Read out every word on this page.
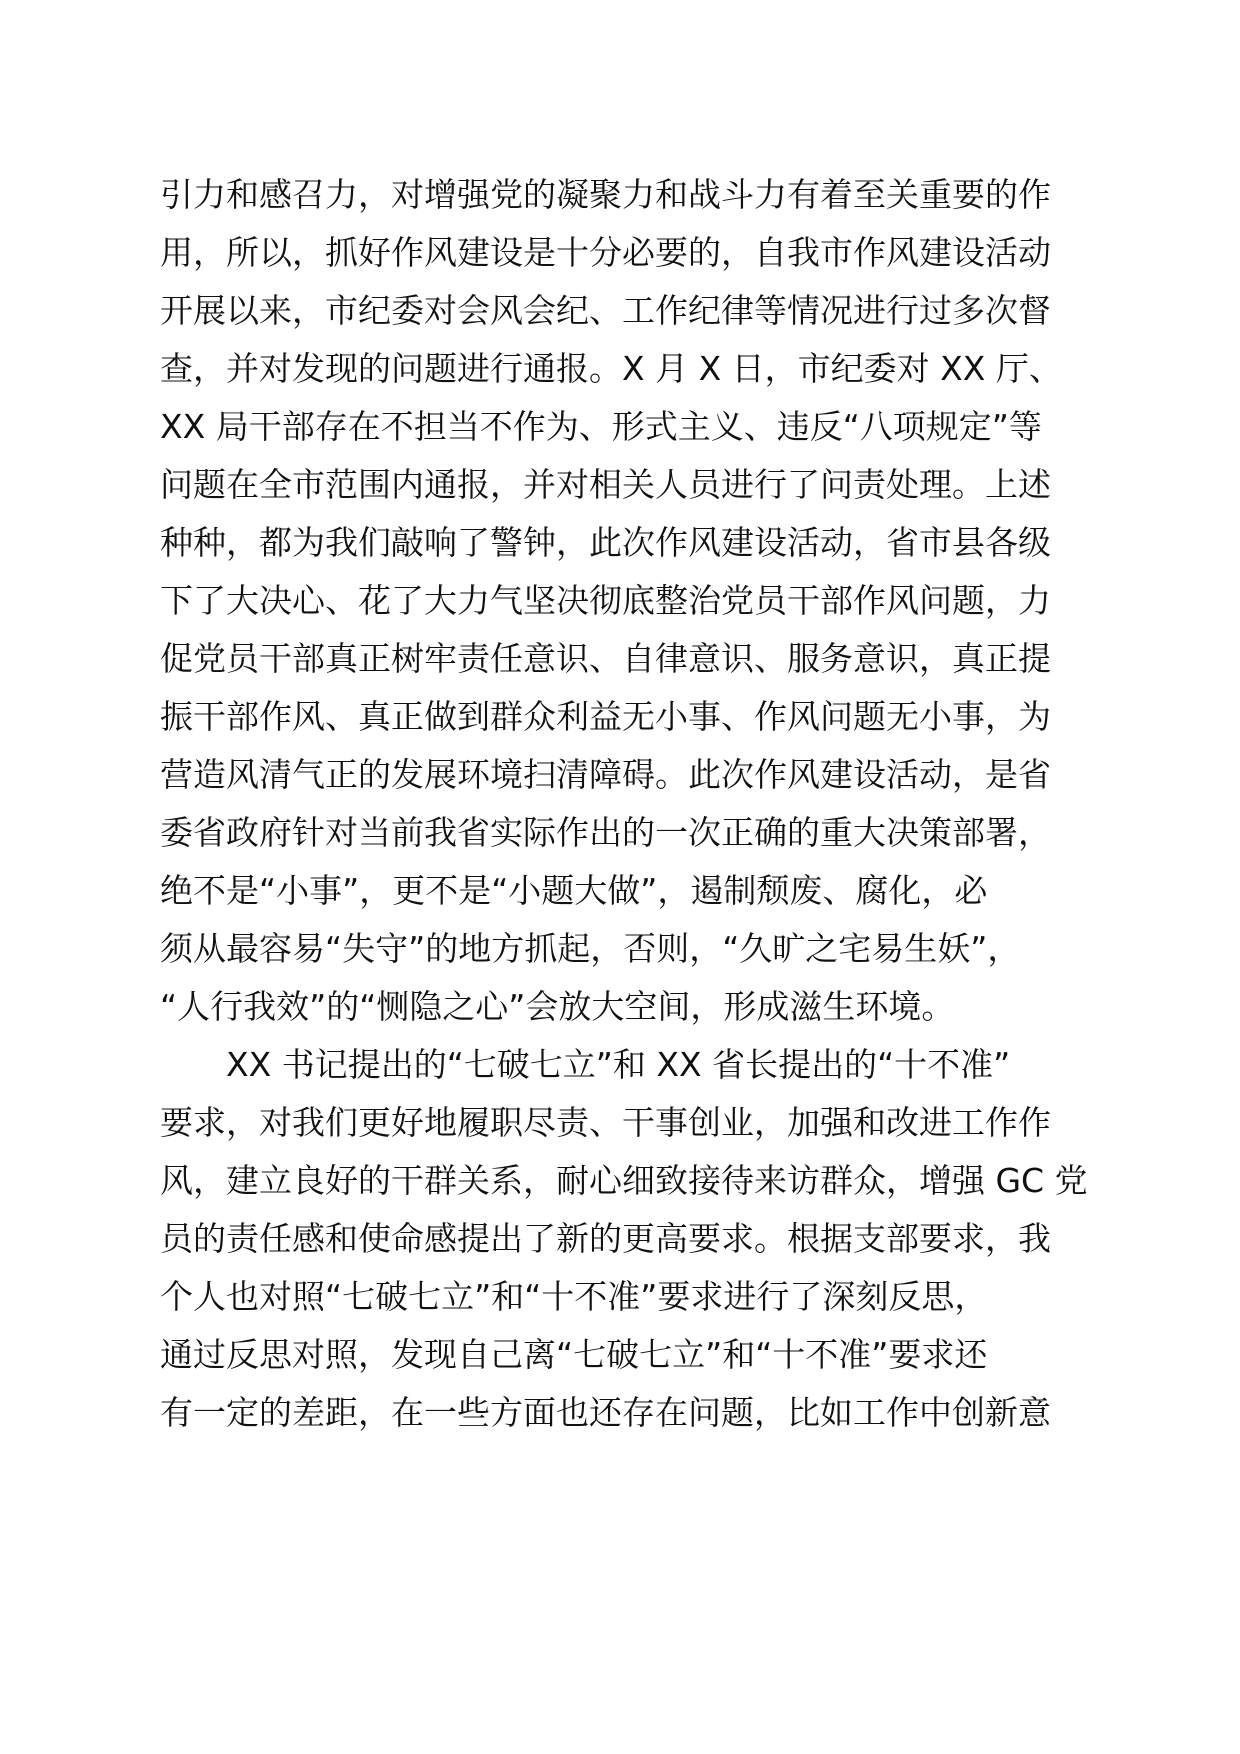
引力和感召力，对增强党的凝聚力和战斗力有着至关重要的作
用，所以，抓好作风建设是十分必要的，自我市作风建设活动
开展以来，市纪委对会风会纪、工作纪律等情况进行过多次督
查，并对发现的问题进行通报。X 月 X 日，市纪委对 XX 厅、
XX 局干部存在不担当不作为、形式主义、违反“八项规定”等
问题在全市范围内通报，并对相关人员进行了问责处理。上述
种种，都为我们敲响了警钟，此次作风建设活动，省市县各级
下了大决心、花了大力气坚决彻底整治党员干部作风问题，力
促党员干部真正树牢责任意识、自律意识、服务意识，真正提
振干部作风、真正做到群众利益无小事、作风问题无小事，为
营造风清气正的发展环境扫清障碍。此次作风建设活动，是省
委省政府针对当前我省实际作出的一次正确的重大决策部署，
绝不是“小事”，更不是“小题大做”，遏制颓废、腐化，必
须从最容易“失守”的地方抓起，否则，“久旷之宅易生妖”，
“人行我效”的“恻隐之心”会放大空间，形成滋生环境。
XX 书记提出的“七破七立”和 XX 省长提出的“十不准”
要求，对我们更好地履职尽责、干事创业，加强和改进工作作
风，建立良好的干群关系，耐心细致接待来访群众，增强 GC 党
员的责任感和使命感提出了新的更高要求。根据支部要求，我
个人也对照“七破七立”和“十不准”要求进行了深刻反思，
通过反思对照，发现自己离“七破七立”和“十不准”要求还
有一定的差距，在一些方面也还存在问题，比如工作中创新意
